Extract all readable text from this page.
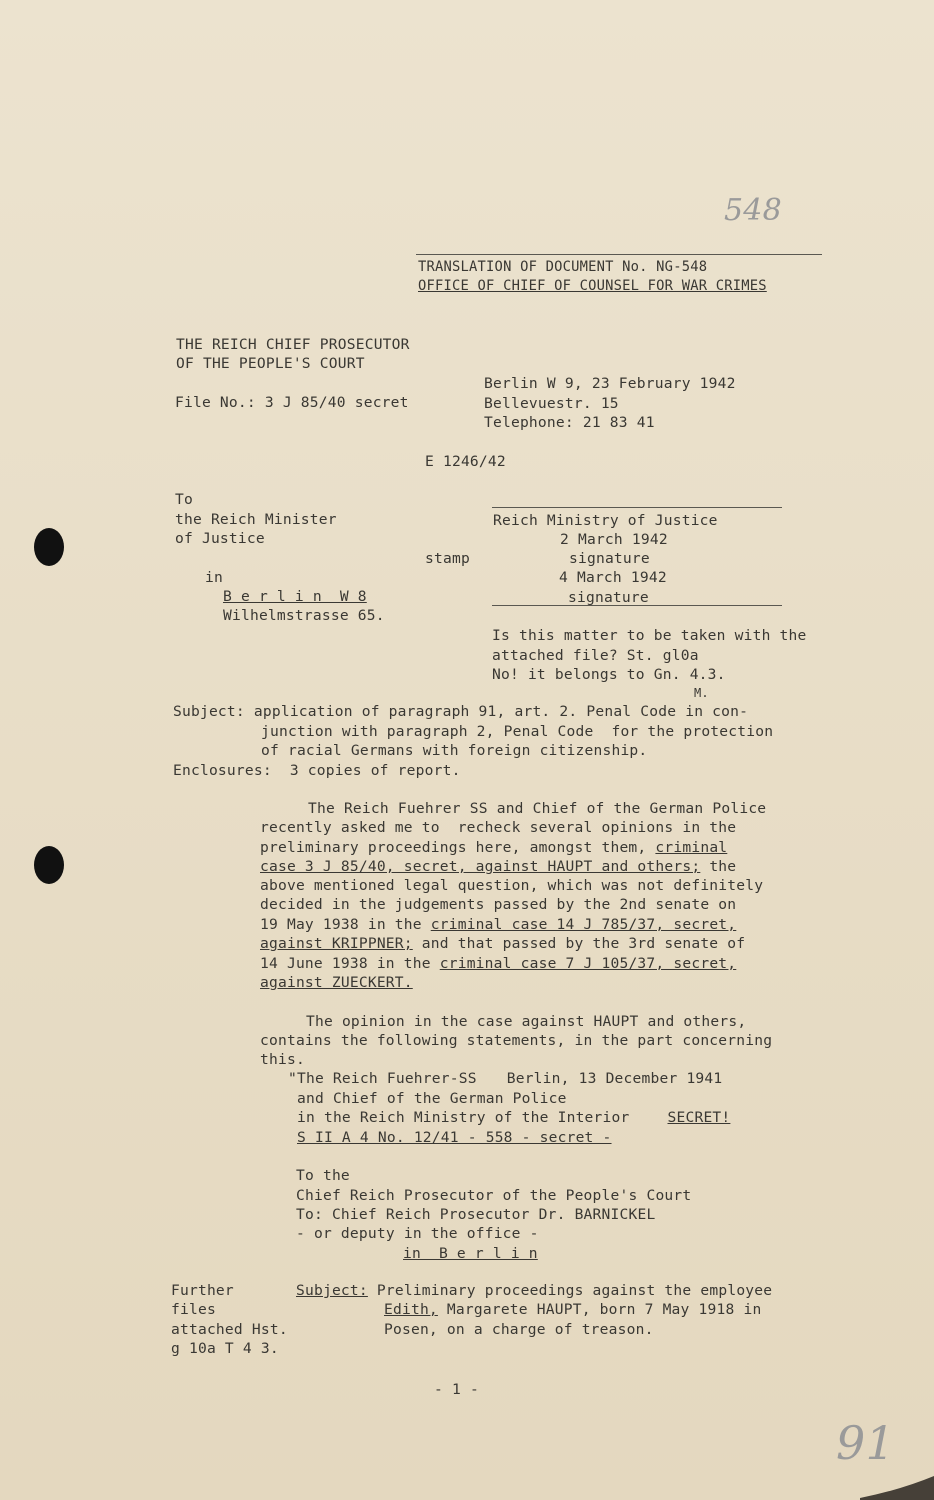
548
91
TRANSLATION OF DOCUMENT No. NG-548
OFFICE OF CHIEF OF COUNSEL FOR WAR CRIMES
THE REICH CHIEF PROSECUTOR
OF THE PEOPLE'S COURT
File No.: 3 J 85/40 secret
Berlin W 9, 23 February 1942
Bellevuestr. 15
Telephone: 21 83 41
E 1246/42
To
the Reich Minister
of Justice
in
B e r l i n  W 8
Wilhelmstrasse 65.
stamp
Reich Ministry of Justice
2 March 1942
signature
4 March 1942
signature
Is this matter to be taken with the
attached file? St. gl0a
No! it belongs to Gn. 4.3.
M.
Subject: application of paragraph 91, art. 2. Penal Code in con-
junction with paragraph 2, Penal Code  for the protection
of racial Germans with foreign citizenship.
Enclosures:  3 copies of report.
The Reich Fuehrer SS and Chief of the German Police
recently asked me to  recheck several opinions in the
preliminary proceedings here, amongst them, criminal
case 3 J 85/40, secret, against HAUPT and others; the
above mentioned legal question, which was not definitely
decided in the judgements passed by the 2nd senate on
19 May 1938 in the criminal case 14 J 785/37, secret,
against KRIPPNER; and that passed by the 3rd senate of
14 June 1938 in the criminal case 7 J 105/37, secret,
against ZUECKERT.
The opinion in the case against HAUPT and others,
contains the following statements, in the part concerning
this.
"The Reich Fuehrer-SS Berlin, 13 December 1941
and Chief of the German Police
in the Reich Ministry of the Interior	SECRET!
S II A 4 No. 12/41 - 558 - secret -
To the
Chief Reich Prosecutor of the People's Court
To: Chief Reich Prosecutor Dr. BARNICKEL
- or deputy in the office -
in  B e r l i n
Further
files
attached Hst.
g 10a T 4 3.
Subject: Preliminary proceedings against the employee
Edith, Margarete HAUPT, born 7 May 1918 in
Posen, on a charge of treason.
- 1 -
